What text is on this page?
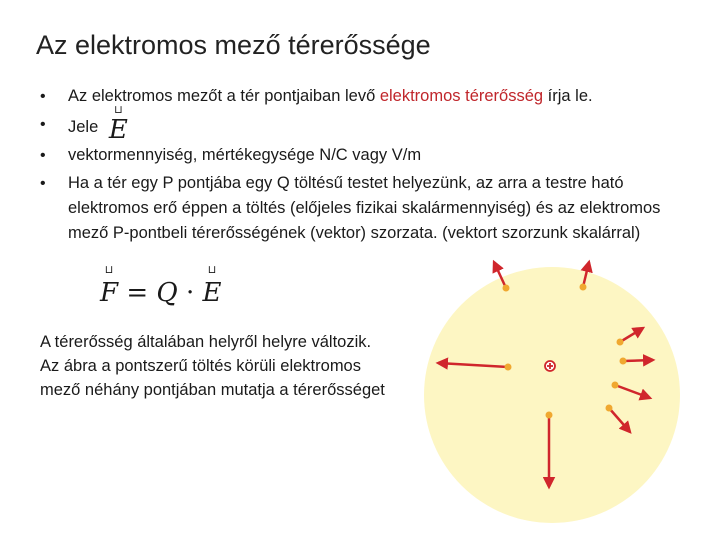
Az elektromos mező térerőssége
• Az elektromos mezőt a tér pontjaiban levő elektromos térerősség írja le.
• Jele
⊔
E
• vektormennyiség, mértékegysége N/C vagy V/m
• Ha a tér egy P pontjába egy Q töltésű testet helyezünk, az arra a testre ható elektromos erő éppen a töltés (előjeles fizikai skalármennyiség) és az elektromos mező P-pontbeli térerősségének (vektor) szorzata. (vektort szorzunk skalárral)
⊔
F = Q ·
⊔
E
A térerősség általában helyről helyre változik.
Az ábra a pontszerű töltés körüli elektromos
mező néhány pontjában mutatja a térerősséget
